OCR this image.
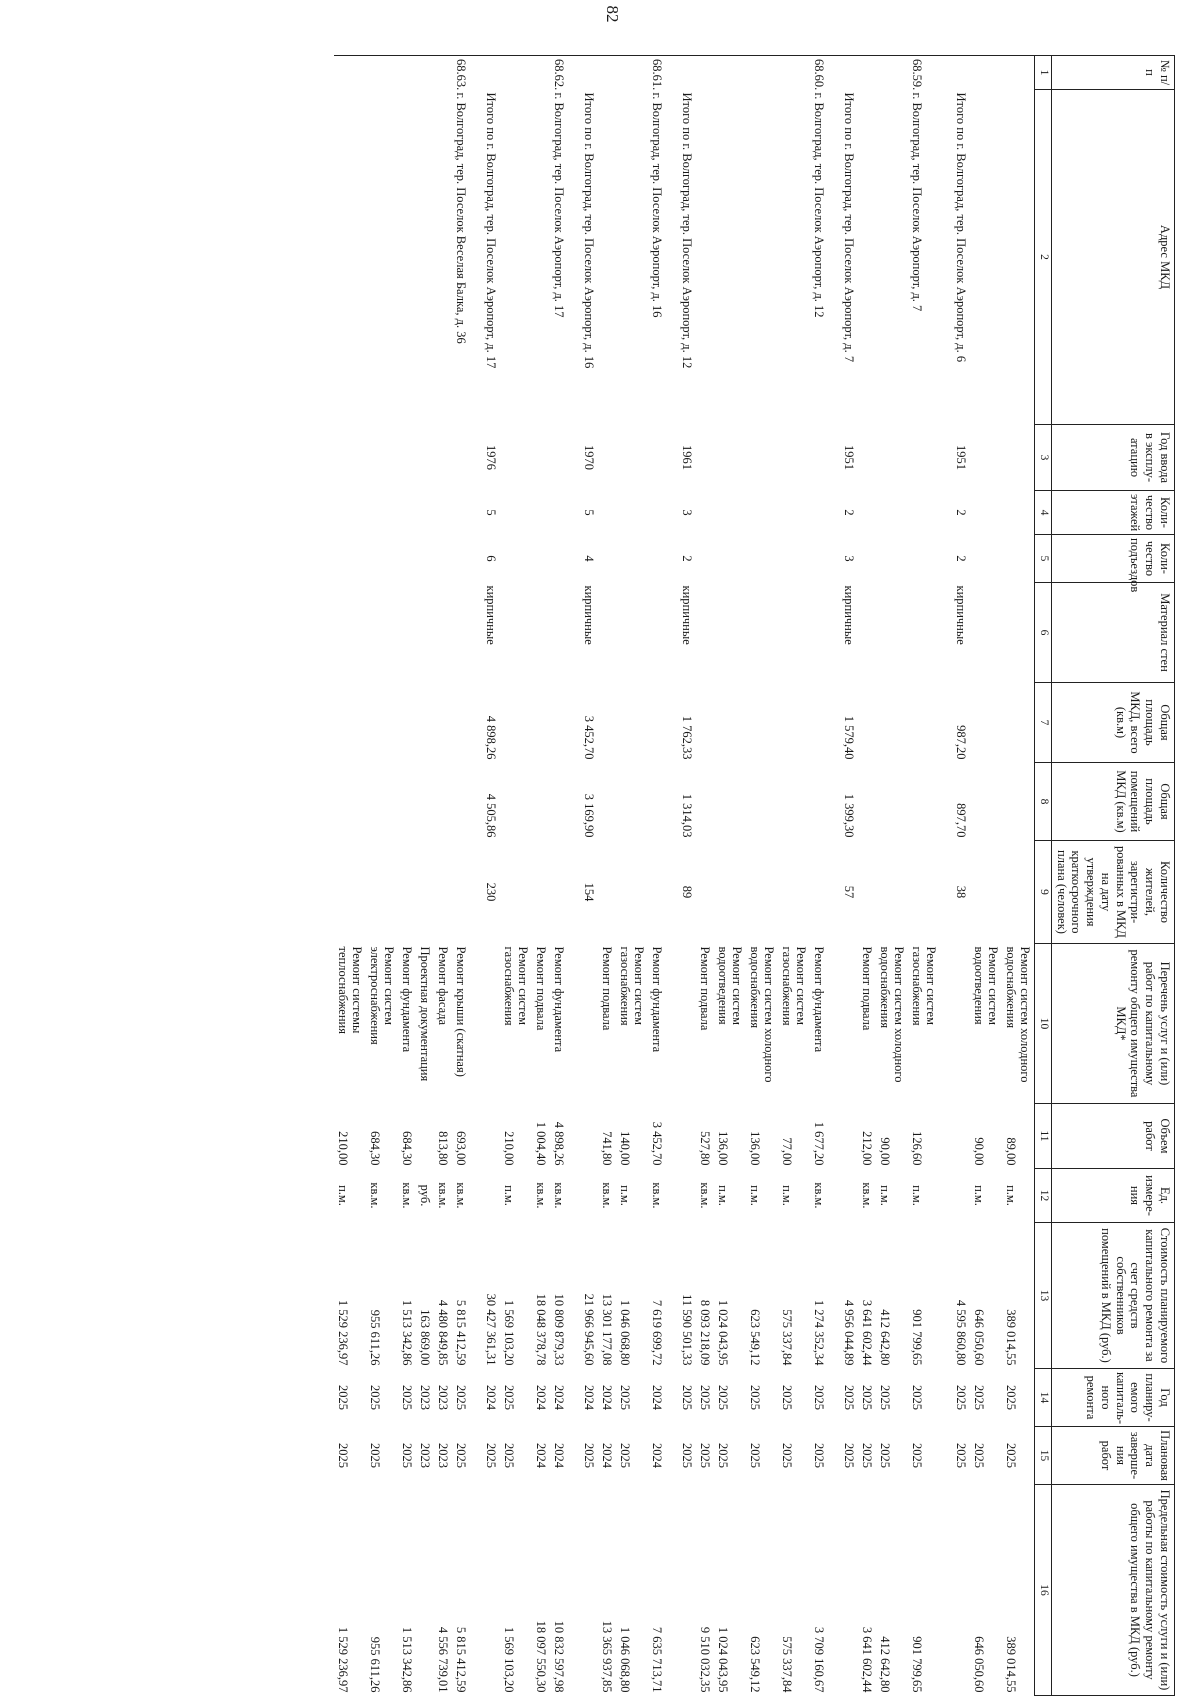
82
№ п/п	Адрес МКД	Год ввода в эксплу-атацию	Коли-чество этажей	Коли-чество подъездов	Материал стен	Общая площадь МКД, всего (кв.м)	Общая площадь помещений МКД (кв.м)	Количество жителей, зарегистри-рованных в МКД на дату утверждения краткосрочного плана (человек)	Перечень услуг и (или) работ по капитальному ремонту общего имущества МКД*	Объем работ	Ед. измере-ния	Стоимость планируемого капитального ремонта за счет средств собственников помещений в МКД (руб.)	Год планиру-емого капиталь-ного ремонта	Плановая дата заверше-ния работ	Предельная стоимость услуги и (или) работы по капитальному ремонту общего имущества в МКД (руб.)
1	2	3	4	5	6	7	8	9	10	11	12	13	14	15	16
									Ремонт систем холодного водоснабжения	89,00	п.м.	389 014,55	2025	2025	389 014,55
									Ремонт систем водоотведения	90,00	п.м.	646 050,60	2025	2025	646 050,60
	Итого по г. Волгоград, тер. Поселок Аэропорт, д. 6	1951	2	2	кирпичные	987,20	897,70	38				4 595 860,80	2025	2025	
68.59.	г. Волгоград, тер. Поселок Аэропорт, д. 7								Ремонт систем газоснабжения	126,60	п.м.	901 799,65	2025	2025	901 799,65
									Ремонт систем холодного водоснабжения	90,00	п.м.	412 642,80	2025	2025	412 642,80
									Ремонт подвала	212,00	кв.м.	3 641 602,44	2025	2025	3 641 602,44
	Итого по г. Волгоград, тер. Поселок Аэропорт, д. 7	1951	2	3	кирпичные	1 579,40	1 399,30	57				4 956 044,89	2025	2025	
68.60.	г. Волгоград, тер. Поселок Аэропорт, д. 12								Ремонт фундамента	1 677,20	кв.м.	1 274 352,34	2025	2025	3 709 160,67
									Ремонт систем газоснабжения	77,00	п.м.	575 337,84	2025	2025	575 337,84
									Ремонт систем холодного водоснабжения	136,00	п.м.	623 549,12	2025	2025	623 549,12
									Ремонт систем водоотведения	136,00	п.м.	1 024 043,95	2025	2025	1 024 043,95
									Ремонт подвала	527,80	кв.м.	8 093 218,09	2025	2025	9 510 032,35
	Итого по г. Волгоград, тер. Поселок Аэропорт, д. 12	1961	3	2	кирпичные	1 762,33	1 314,03	89				11 590 501,33	2025	2025	
68.61.	г. Волгоград, тер. Поселок Аэропорт, д. 16								Ремонт фундамента	3 452,70	кв.м.	7 619 699,72	2024	2024	7 635 713,71
									Ремонт систем газоснабжения	140,00	п.м.	1 046 068,80	2025	2025	1 046 068,80
									Ремонт подвала	741,80	кв.м.	13 301 177,08	2024	2024	13 365 937,85
	Итого по г. Волгоград, тер. Поселок Аэропорт, д. 16	1970	5	4	кирпичные	3 452,70	3 169,90	154				21 966 945,60	2024	2025	
68.62.	г. Волгоград, тер. Поселок Аэропорт, д. 17								Ремонт фундамента	4 898,26	кв.м.	10 809 879,33	2024	2024	10 832 597,98
									Ремонт подвала	1 004,40	кв.м.	18 048 378,78	2024	2024	18 097 550,30
									Ремонт систем газоснабжения	210,00	п.м.	1 569 103,20	2025	2025	1 569 103,20
	Итого по г. Волгоград, тер. Поселок Аэропорт, д. 17	1976	5	6	кирпичные	4 898,26	4 505,86	230				30 427 361,31	2024	2025	
68.63.	г. Волгоград, тер. Поселок Веселая Балка, д. 36								Ремонт крыши (скатная)	693,00	кв.м.	5 815 412,59	2025	2025	5 815 412,59
									Ремонт фасада	813,80	кв.м.	4 480 849,85	2023	2023	4 556 739,01
									Проектная документация		руб.	163 869,00	2023	2023	
									Ремонт фундамента	684,30	кв.м.	1 513 342,86	2025	2025	1 513 342,86
									Ремонт систем электроснабжения	684,30	кв.м.	955 611,26	2025	2025	955 611,26
									Ремонт системы теплоснабжения	210,00	п.м.	1 529 236,97	2025	2025	1 529 236,97
